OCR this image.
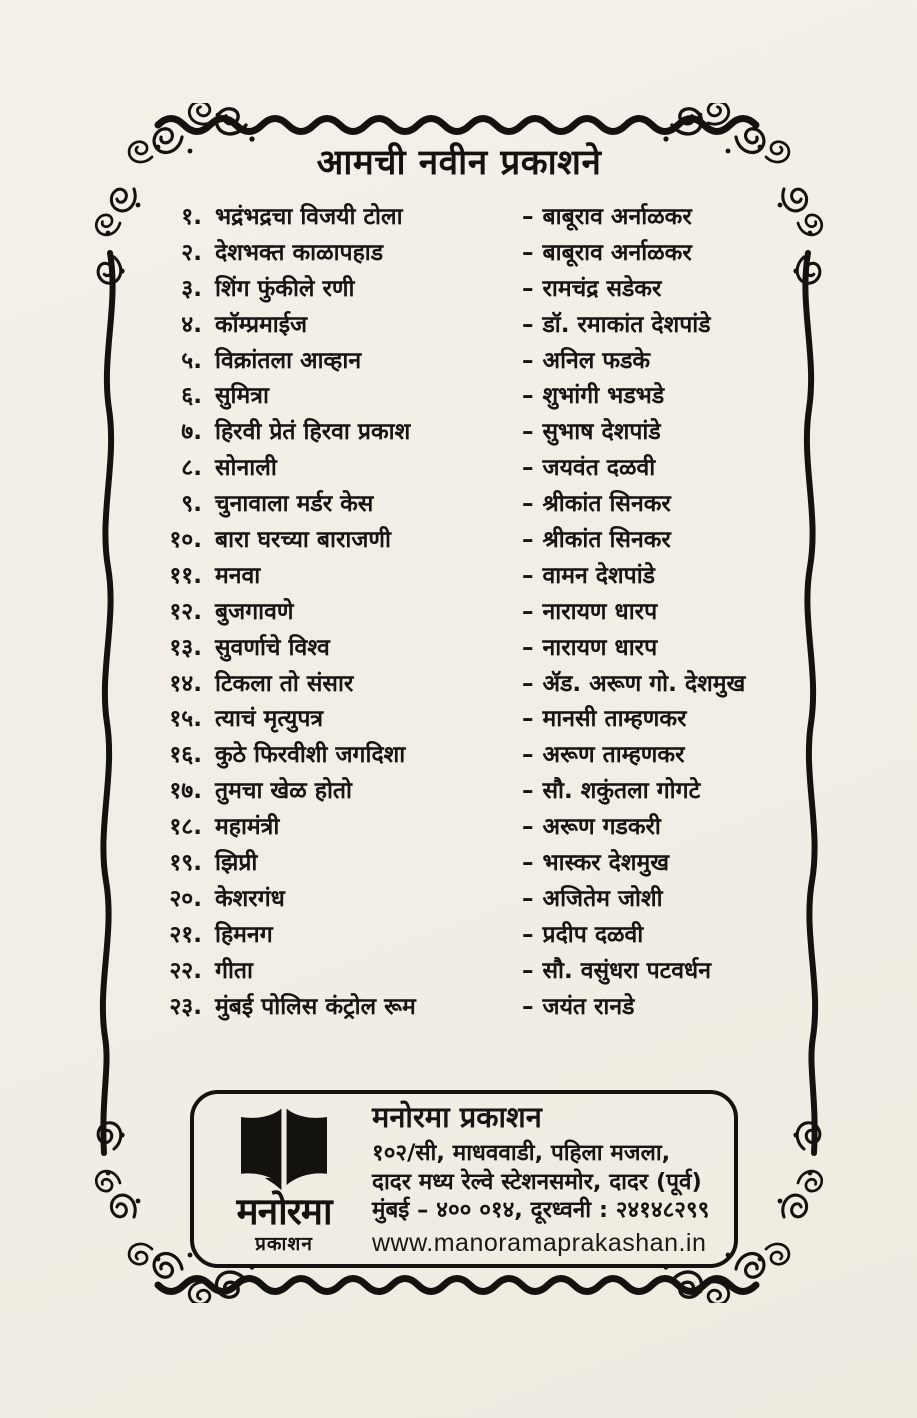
आमची नवीन प्रकाशने
१. भद्रंभद्रचा विजयी टोला	– बाबूराव अर्नाळकर
२. देशभक्त काळापहाड	– बाबूराव अर्नाळकर
३. शिंग फुंकीले रणी	– रामचंद्र सडेकर
४. कॉम्प्रमाईज	– डॉ. रमाकांत देशपांडे
५. विक्रांतला आव्हान	– अनिल फडके
६. सुमित्रा	– शुभांगी भडभडे
७. हिरवी प्रेतं हिरवा प्रकाश	– सुभाष देशपांडे
८. सोनाली	– जयवंत दळवी
९. चुनावाला मर्डर केस	– श्रीकांत सिनकर
१०. बारा घरच्या बाराजणी	– श्रीकांत सिनकर
११. मनवा	– वामन देशपांडे
१२. बुजगावणे	– नारायण धारप
१३. सुवर्णाचे विश्व	– नारायण धारप
१४. टिकला तो संसार	– ॲड. अरूण गो. देशमुख
१५. त्याचं मृत्युपत्र	– मानसी ताम्हणकर
१६. कुठे फिरवीशी जगदिशा	– अरूण ताम्हणकर
१७. तुमचा खेळ होतो	– सौ. शकुंतला गोगटे
१८. महामंत्री	– अरूण गडकरी
१९. झिप्री	– भास्कर देशमुख
२०. केशरगंध	– अजितेम जोशी
२१. हिमनग	– प्रदीप दळवी
२२. गीता	– सौ. वसुंधरा पटवर्धन
२३. मुंबई पोलिस कंट्रोल रूम	– जयंत रानडे
मनोरमा
प्रकाशन
मनोरमा प्रकाशन
१०२/सी, माधववाडी, पहिला मजला,
दादर मध्य रेल्वे स्टेशनसमोर, दादर (पूर्व)
मुंबई – ४०० ०१४, दूरध्वनी : २४१४८२९९
www.manoramaprakashan.in
